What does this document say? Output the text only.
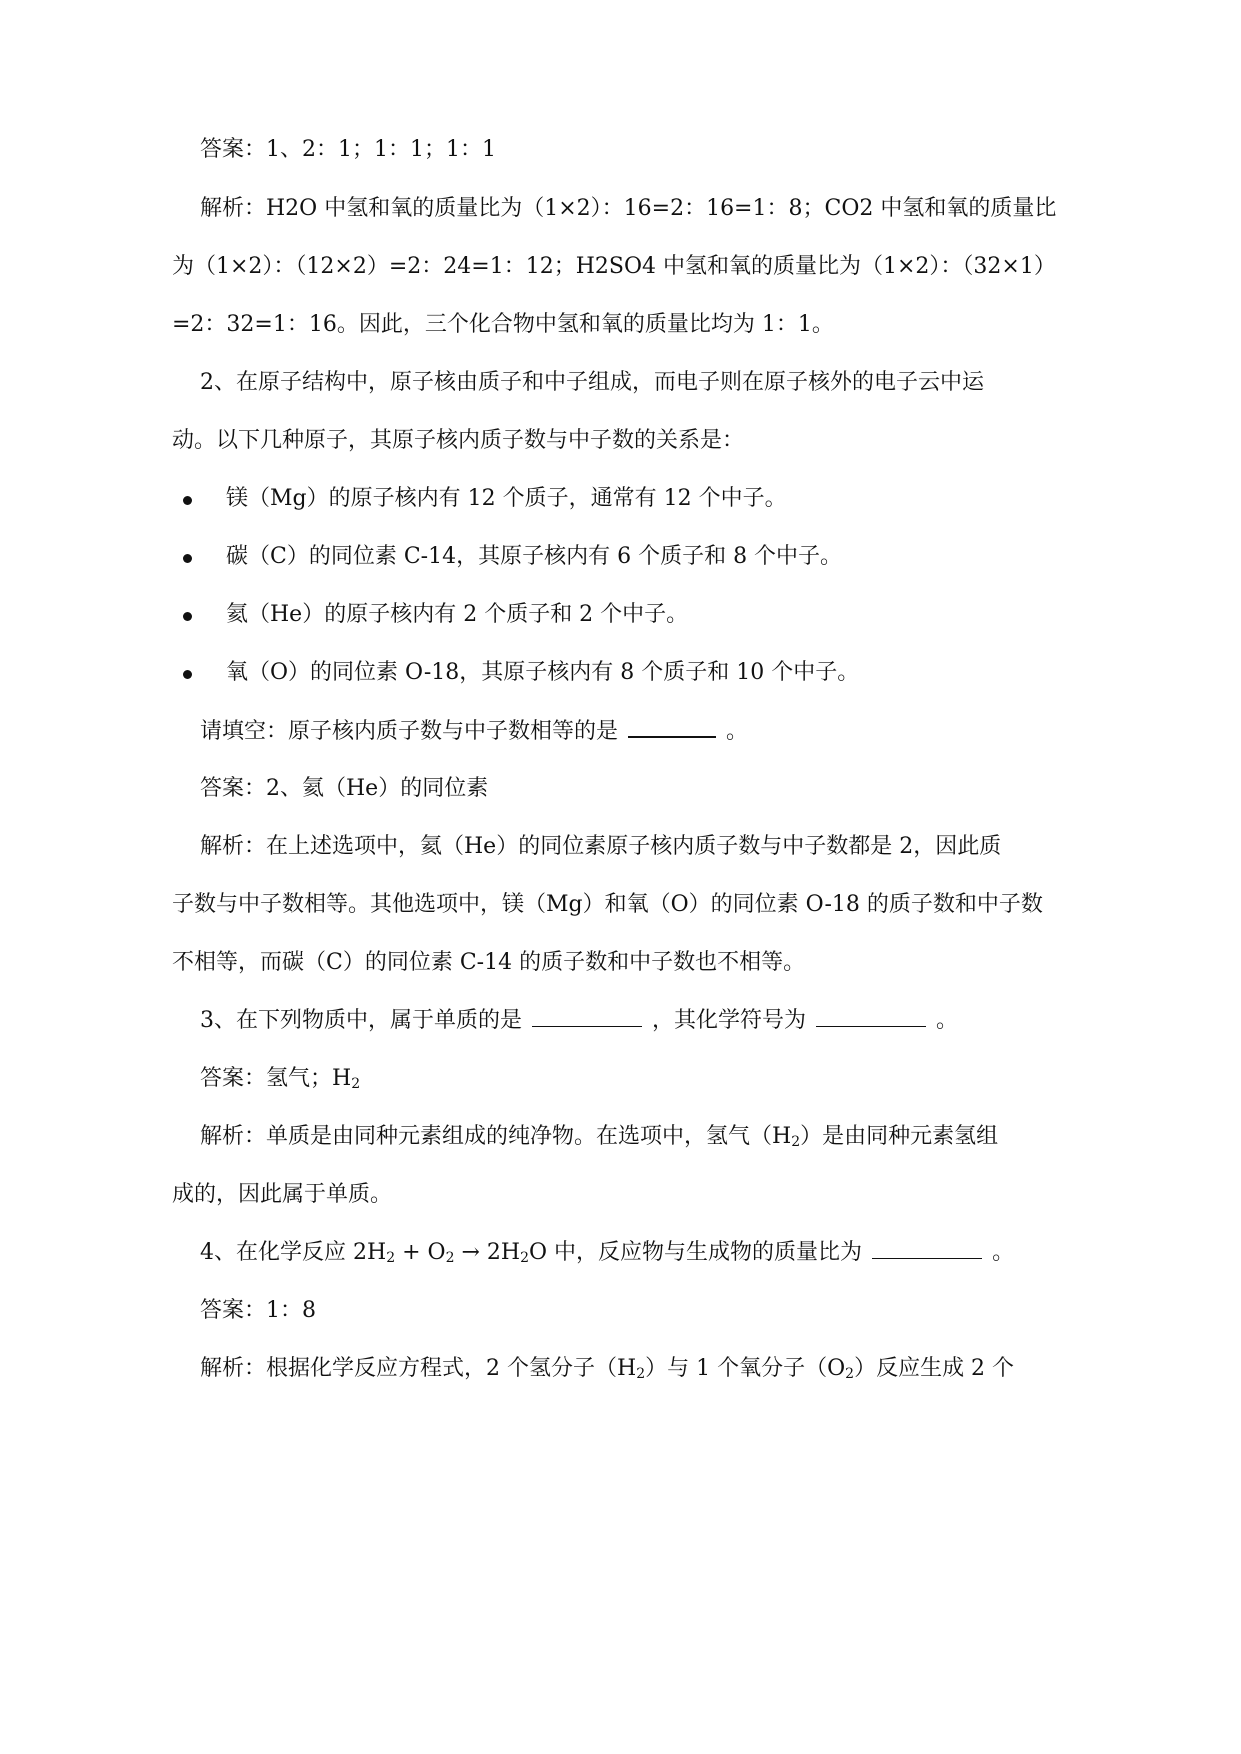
答案：1、2：1；1：1；1：1
解析：H2O 中氢和氧的质量比为（1×2）：16=2：16=1：8；CO2 中氢和氧的质量比
为（1×2）：（12×2）=2：24=1：12；H2SO4 中氢和氧的质量比为（1×2）：（32×1）
=2：32=1：16。因此，三个化合物中氢和氧的质量比均为 1：1。
2、在原子结构中，原子核由质子和中子组成，而电子则在原子核外的电子云中运
动。以下几种原子，其原子核内质子数与中子数的关系是：
镁（Mg）的原子核内有 12 个质子，通常有 12 个中子。
碳（C）的同位素 C-14，其原子核内有 6 个质子和 8 个中子。
氦（He）的原子核内有 2 个质子和 2 个中子。
氧（O）的同位素 O-18，其原子核内有 8 个质子和 10 个中子。
请填空：原子核内质子数与中子数相等的是	。
答案：2、氦（He）的同位素
解析：在上述选项中，氦（He）的同位素原子核内质子数与中子数都是 2，因此质
子数与中子数相等。其他选项中，镁（Mg）和氧（O）的同位素 O-18 的质子数和中子数
不相等，而碳（C）的同位素 C-14 的质子数和中子数也不相等。
3、在下列物质中，属于单质的是	，其化学符号为	。
答案：氢气；$H_2$
解析：单质是由同种元素组成的纯净物。在选项中，氢气$(H_2)$是由同种元素氢组
成的，因此属于单质。
4、在化学反应 $2H_2 + O_2 \to 2H_2O$ 中，反应物与生成物的质量比为	。
答案：1：8
解析：根据化学反应方程式，2 个氢分子$(H_2)$与 1 个氧分子$(O_2)$反应生成 2 个
